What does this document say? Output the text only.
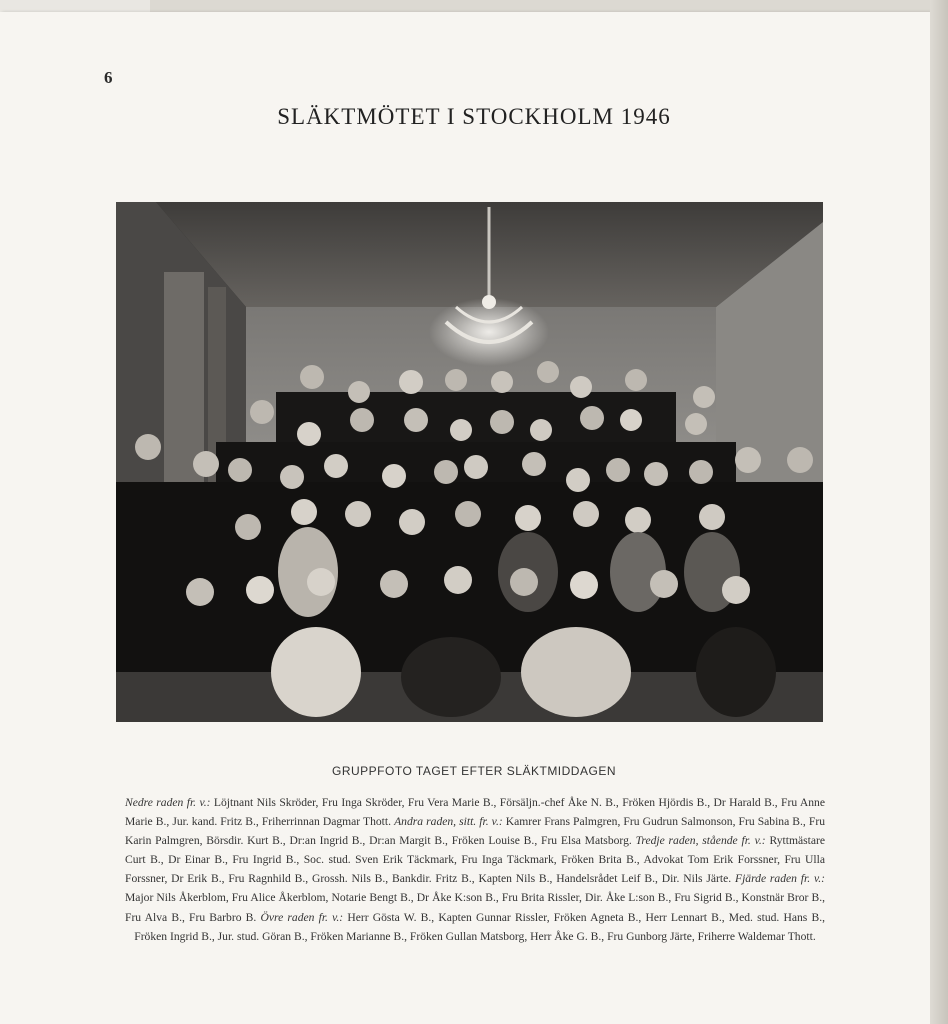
6
SLÄKTMÖTET I STOCKHOLM 1946
GRUPPFOTO TAGET EFTER SLÄKTMIDDAGEN
Nedre raden fr. v.: Löjtnant Nils Skröder, Fru Inga Skröder, Fru Vera Marie B., Försäljn.-chef Åke N. B., Fröken Hjördis B., Dr Harald B., Fru Anne Marie B., Jur. kand. Fritz B., Friherrinnan Dagmar Thott. Andra raden, sitt. fr. v.: Kamrer Frans Palmgren, Fru Gudrun Salmonson, Fru Sabina B., Fru Karin Palmgren, Börsdir. Kurt B., Dr:an Ingrid B., Dr:an Margit B., Fröken Louise B., Fru Elsa Matsborg. Tredje raden, stående fr. v.: Ryttmästare Curt B., Dr Einar B., Fru Ingrid B., Soc. stud. Sven Erik Täckmark, Fru Inga Täckmark, Fröken Brita B., Advokat Tom Erik Forssner, Fru Ulla Forssner, Dr Erik B., Fru Ragnhild B., Grossh. Nils B., Bankdir. Fritz B., Kapten Nils B., Handelsrådet Leif B., Dir. Nils Järte. Fjärde raden fr. v.: Major Nils Åkerblom, Fru Alice Åkerblom, Notarie Bengt B., Dr Åke K:son B., Fru Brita Rissler, Dir. Åke L:son B., Fru Sigrid B., Konstnär Bror B., Fru Alva B., Fru Barbro B. Övre raden fr. v.: Herr Gösta W. B., Kapten Gunnar Rissler, Fröken Agneta B., Herr Lennart B., Med. stud. Hans B., Fröken Ingrid B., Jur. stud. Göran B., Fröken Marianne B., Fröken Gullan Matsborg, Herr Åke G. B., Fru Gunborg Järte, Friherre Waldemar Thott.
